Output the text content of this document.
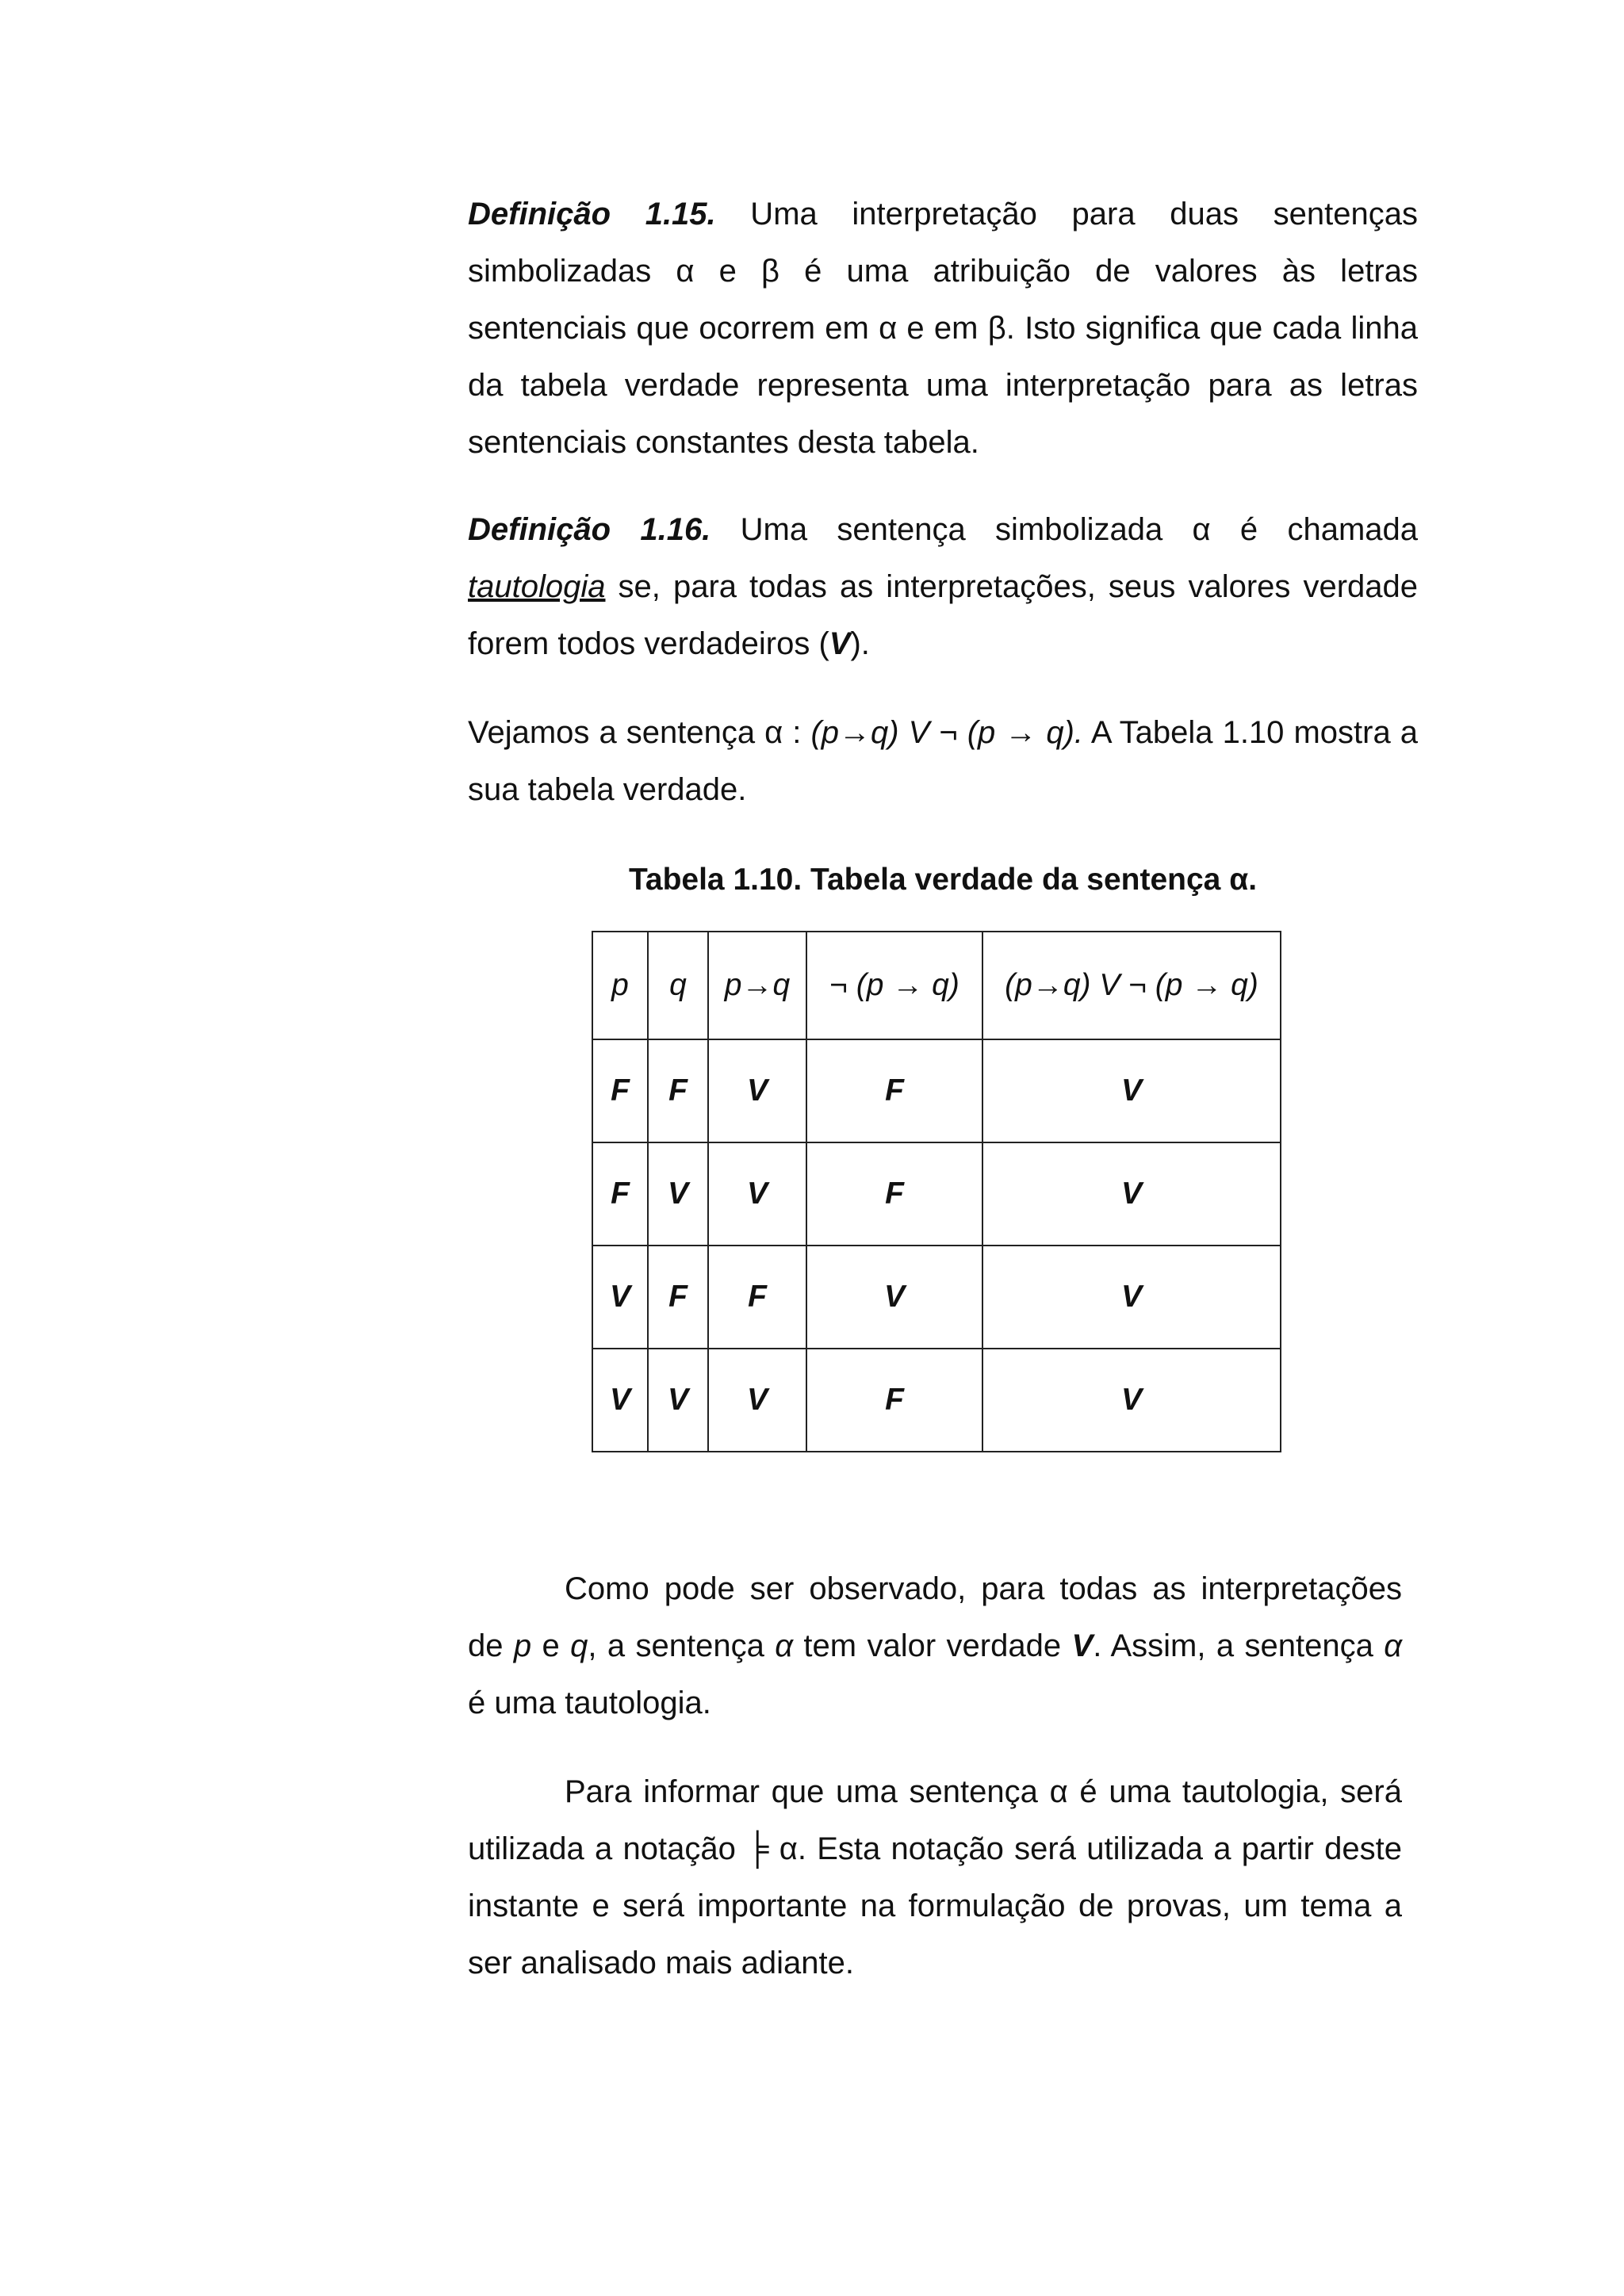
Definição 1.15. Uma interpretação para duas sentenças simbolizadas α e β é uma atribuição de valores às letras sentenciais que ocorrem em α e em β. Isto significa que cada linha da tabela verdade representa uma interpretação para as letras sentenciais constantes desta tabela.

Definição 1.16. Uma sentença simbolizada α é chamada tautologia se, para todas as interpretações, seus valores verdade forem todos verdadeiros (V).

Vejamos a sentença α : (p→q) V ¬ (p → q). A Tabela 1.10 mostra a sua tabela verdade.

Tabela 1.10. Tabela verdade da sentença α.
p	q	p→q	¬ (p → q)	(p→q) V ¬ (p → q)
F	F	V	F	V
F	V	V	F	V
V	F	F	V	V
V	V	V	F	V

Como pode ser observado, para todas as interpretações de p e q, a sentença α tem valor verdade V. Assim, a sentença α é uma tautologia.

Para informar que uma sentença α é uma tautologia, será utilizada a notação ╞ α. Esta notação será utilizada a partir deste instante e será importante na formulação de provas, um tema a ser analisado mais adiante.
